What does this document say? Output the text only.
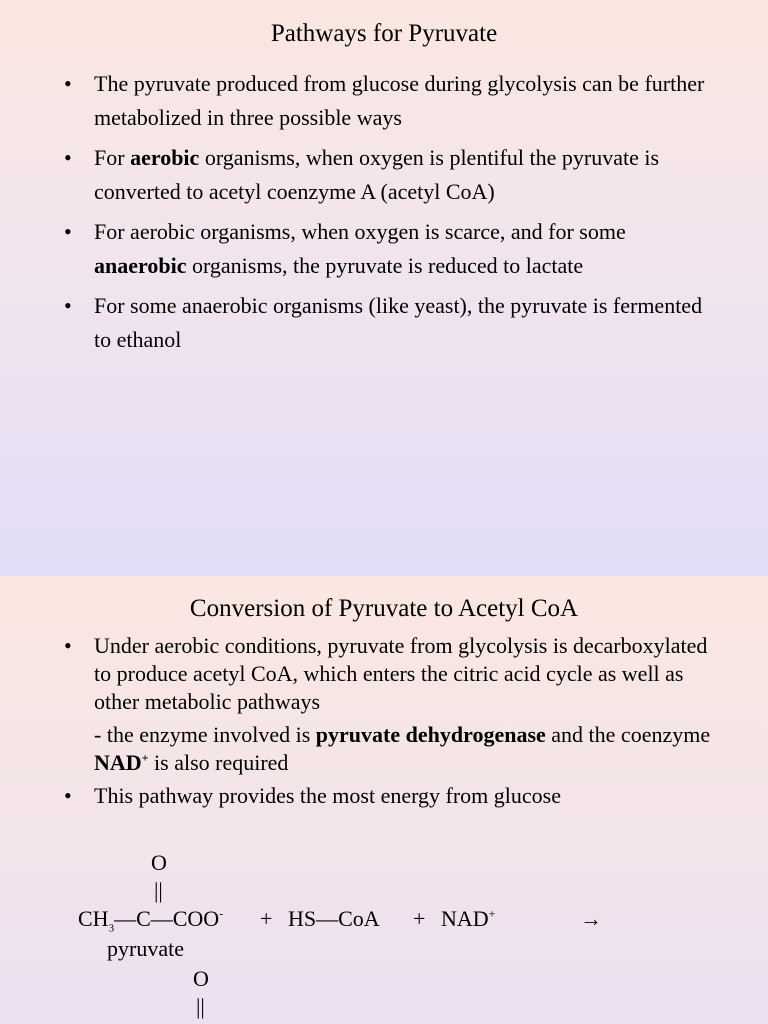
Pathways for Pyruvate
• The pyruvate produced from glucose during glycolysis can be further metabolized in three possible ways
• For aerobic organisms, when oxygen is plentiful the pyruvate is converted to acetyl coenzyme A (acetyl CoA)
• For aerobic organisms, when oxygen is scarce, and for some anaerobic organisms, the pyruvate is reduced to lactate
• For some anaerobic organisms (like yeast), the pyruvate is fermented to ethanol
Conversion of Pyruvate to Acetyl CoA
• Under aerobic conditions, pyruvate from glycolysis is decarboxylated to produce acetyl CoA, which enters the citric acid cycle as well as other metabolic pathways
- the enzyme involved is pyruvate dehydrogenase and the coenzyme NAD+ is also required
• This pathway provides the most energy from glucose
O
||
$CH_3—C—COO^-$ + HS—CoA + NAD+	→
pyruvate
O
||
